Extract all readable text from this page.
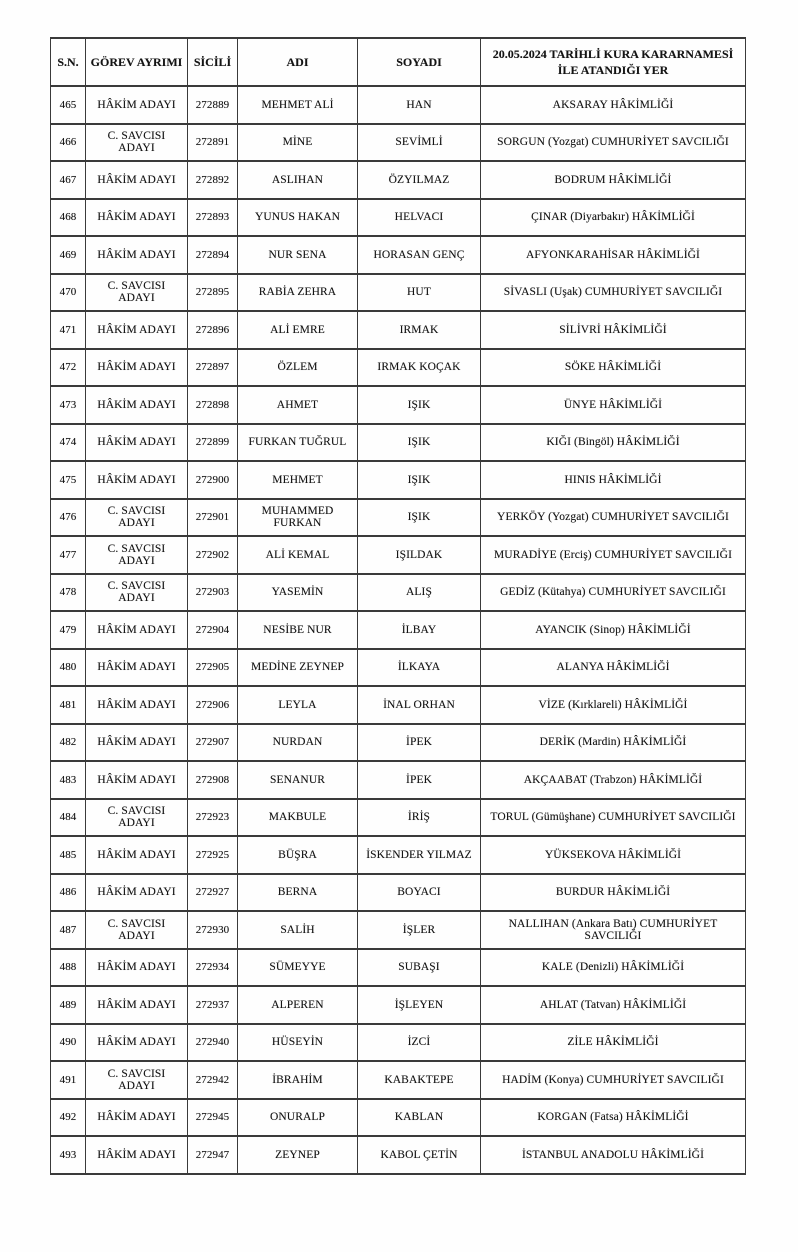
S.N.	GÖREV AYRIMI	SİCİLİ	ADI	SOYADI	20.05.2024 TARİHLİ KURA KARARNAMESİ İLE ATANDIĞI YER
465	HÂKİM ADAYI	272889	MEHMET ALİ	HAN	AKSARAY HÂKİMLİĞİ
466	C. SAVCISI ADAYI	272891	MİNE	SEVİMLİ	SORGUN (Yozgat) CUMHURİYET SAVCILIĞI
467	HÂKİM ADAYI	272892	ASLIHAN	ÖZYILMAZ	BODRUM HÂKİMLİĞİ
468	HÂKİM ADAYI	272893	YUNUS HAKAN	HELVACI	ÇINAR (Diyarbakır) HÂKİMLİĞİ
469	HÂKİM ADAYI	272894	NUR SENA	HORASAN GENÇ	AFYONKARAHİSAR HÂKİMLİĞİ
470	C. SAVCISI ADAYI	272895	RABİA ZEHRA	HUT	SİVASLI (Uşak) CUMHURİYET SAVCILIĞI
471	HÂKİM ADAYI	272896	ALİ EMRE	IRMAK	SİLİVRİ HÂKİMLİĞİ
472	HÂKİM ADAYI	272897	ÖZLEM	IRMAK KOÇAK	SÖKE HÂKİMLİĞİ
473	HÂKİM ADAYI	272898	AHMET	IŞIK	ÜNYE HÂKİMLİĞİ
474	HÂKİM ADAYI	272899	FURKAN TUĞRUL	IŞIK	KIĞI (Bingöl) HÂKİMLİĞİ
475	HÂKİM ADAYI	272900	MEHMET	IŞIK	HINIS HÂKİMLİĞİ
476	C. SAVCISI ADAYI	272901	MUHAMMED FURKAN	IŞIK	YERKÖY (Yozgat) CUMHURİYET SAVCILIĞI
477	C. SAVCISI ADAYI	272902	ALİ KEMAL	IŞILDAK	MURADİYE (Erciş) CUMHURİYET SAVCILIĞI
478	C. SAVCISI ADAYI	272903	YASEMİN	ALIŞ	GEDİZ (Kütahya) CUMHURİYET SAVCILIĞI
479	HÂKİM ADAYI	272904	NESİBE NUR	İLBAY	AYANCIK (Sinop) HÂKİMLİĞİ
480	HÂKİM ADAYI	272905	MEDİNE ZEYNEP	İLKAYA	ALANYA HÂKİMLİĞİ
481	HÂKİM ADAYI	272906	LEYLA	İNAL ORHAN	VİZE (Kırklareli) HÂKİMLİĞİ
482	HÂKİM ADAYI	272907	NURDAN	İPEK	DERİK (Mardin) HÂKİMLİĞİ
483	HÂKİM ADAYI	272908	SENANUR	İPEK	AKÇAABAT (Trabzon) HÂKİMLİĞİ
484	C. SAVCISI ADAYI	272923	MAKBULE	İRİŞ	TORUL (Gümüşhane) CUMHURİYET SAVCILIĞI
485	HÂKİM ADAYI	272925	BÜŞRA	İSKENDER YILMAZ	YÜKSEKOVA HÂKİMLİĞİ
486	HÂKİM ADAYI	272927	BERNA	BOYACI	BURDUR HÂKİMLİĞİ
487	C. SAVCISI ADAYI	272930	SALİH	İŞLER	NALLIHAN (Ankara Batı) CUMHURİYET SAVCILIĞI
488	HÂKİM ADAYI	272934	SÜMEYYE	SUBAŞI	KALE (Denizli) HÂKİMLİĞİ
489	HÂKİM ADAYI	272937	ALPEREN	İŞLEYEN	AHLAT (Tatvan) HÂKİMLİĞİ
490	HÂKİM ADAYI	272940	HÜSEYİN	İZCİ	ZİLE HÂKİMLİĞİ
491	C. SAVCISI ADAYI	272942	İBRAHİM	KABAKTEPE	HADİM (Konya) CUMHURİYET SAVCILIĞI
492	HÂKİM ADAYI	272945	ONURALP	KABLAN	KORGAN (Fatsa) HÂKİMLİĞİ
493	HÂKİM ADAYI	272947	ZEYNEP	KABOL ÇETİN	İSTANBUL ANADOLU HÂKİMLİĞİ
